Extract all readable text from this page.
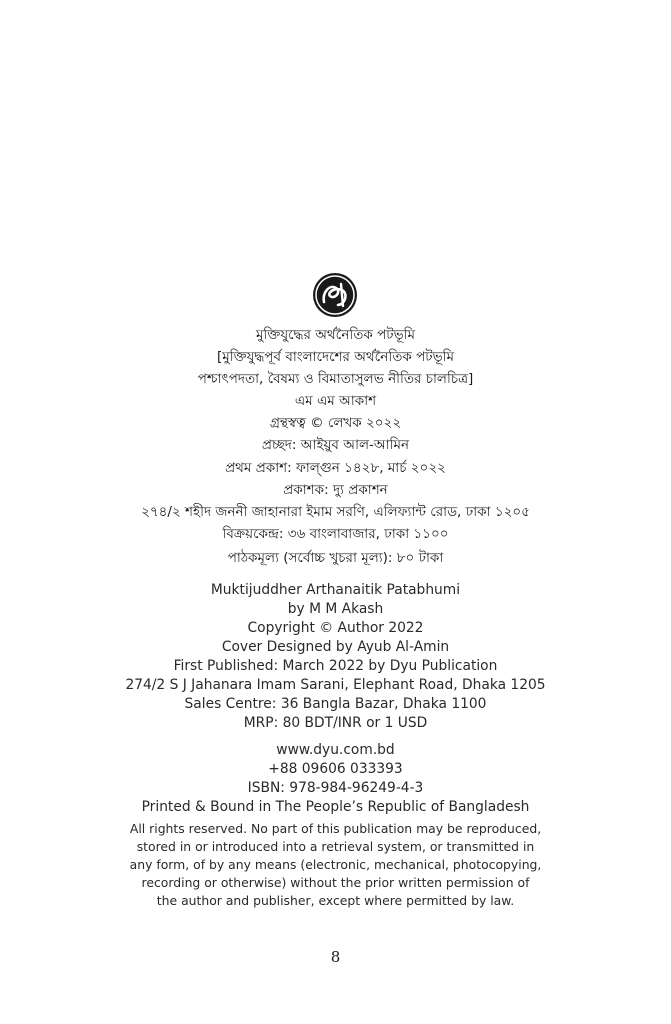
মুক্তিযুদ্ধের অর্থনৈতিক পটভূমি
[মুক্তিযুদ্ধপূর্ব বাংলাদেশের অর্থনৈতিক পটভূমি
পশ্চাৎপদতা, বৈষম্য ও বিমাতাসুলভ নীতির চালচিত্র]
এম এম আকাশ
গ্রন্থস্বত্ব © লেখক ২০২২
প্রচ্ছদ: আইয়ুব আল-আমিন
প্রথম প্রকাশ: ফাল্গুন ১৪২৮, মার্চ ২০২২
প্রকাশক: দ্যু প্রকাশন
২৭৪/২ শহীদ জননী জাহানারা ইমাম সরণি, এলিফ্যান্ট রোড, ঢাকা ১২০৫
বিক্রয়কেন্দ্র: ৩৬ বাংলাবাজার, ঢাকা ১১০০
পাঠকমূল্য (সর্বোচ্চ খুচরা মূল্য): ৮০ টাকা
Muktijuddher Arthanaitik Patabhumi
by M M Akash
Copyright © Author 2022
Cover Designed by Ayub Al-Amin
First Published: March 2022 by Dyu Publication
274/2 S J Jahanara Imam Sarani, Elephant Road, Dhaka 1205
Sales Centre: 36 Bangla Bazar, Dhaka 1100
MRP: 80 BDT/INR or 1 USD
www.dyu.com.bd
+88 09606 033393
ISBN: 978-984-96249-4-3
Printed & Bound in The People’s Republic of Bangladesh
All rights reserved. No part of this publication may be reproduced,
stored in or introduced into a retrieval system, or transmitted in
any form, of by any means (electronic, mechanical, photocopying,
recording or otherwise) without the prior written permission of
the author and publisher, except where permitted by law.
8
